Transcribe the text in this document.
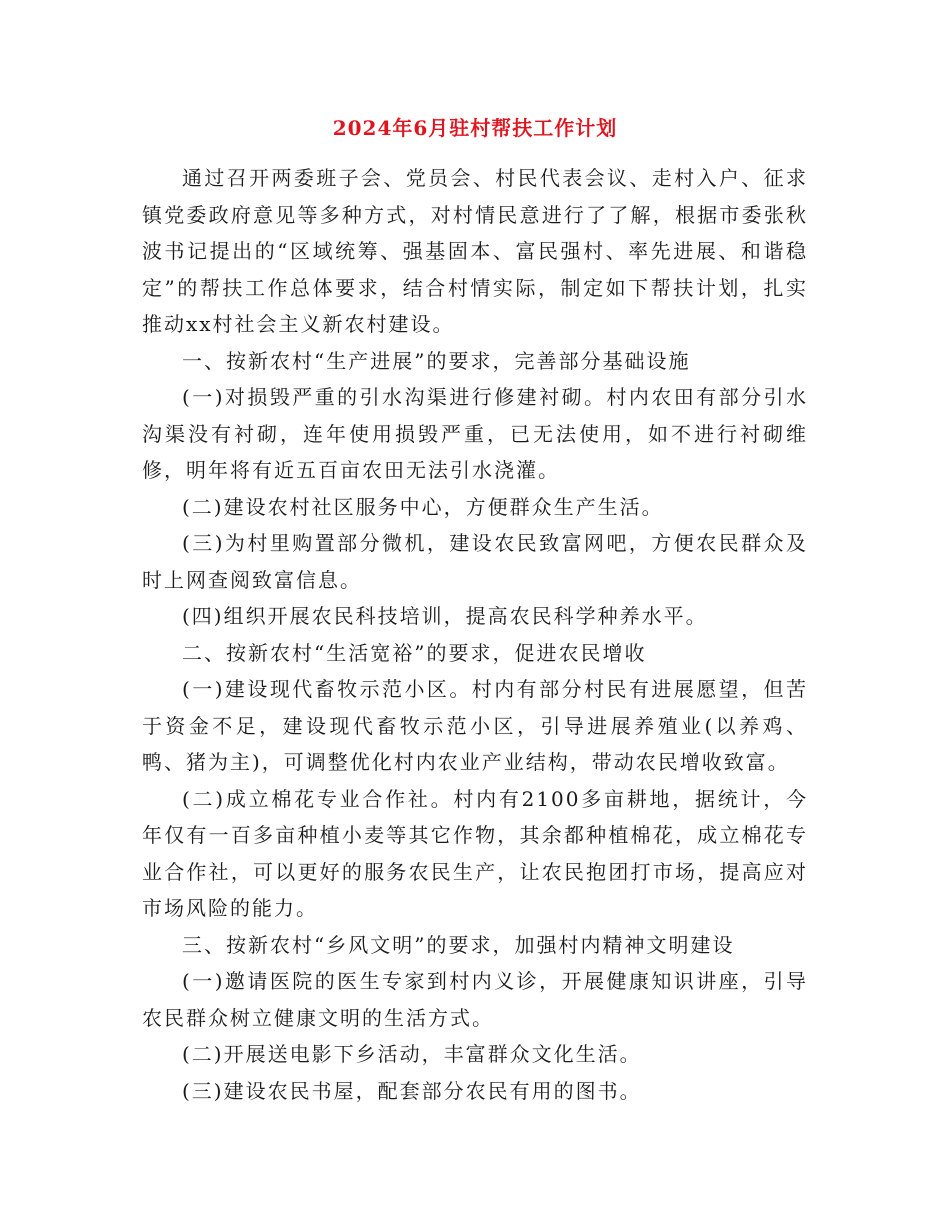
2024年6月驻村帮扶工作计划

通过召开两委班子会、党员会、村民代表会议、走村入户、征求镇党委政府意见等多种方式，对村情民意进行了了解，根据市委张秋波书记提出的“区域统筹、强基固本、富民强村、率先进展、和谐稳定”的帮扶工作总体要求，结合村情实际，制定如下帮扶计划，扎实推动xx村社会主义新农村建设。

一、按新农村“生产进展”的要求，完善部分基础设施

(一)对损毁严重的引水沟渠进行修建衬砌。村内农田有部分引水沟渠没有衬砌，连年使用损毁严重，已无法使用，如不进行衬砌维修，明年将有近五百亩农田无法引水浇灌。

(二)建设农村社区服务中心，方便群众生产生活。

(三)为村里购置部分微机，建设农民致富网吧，方便农民群众及时上网查阅致富信息。

(四)组织开展农民科技培训，提高农民科学种养水平。

二、按新农村“生活宽裕”的要求，促进农民增收

(一)建设现代畜牧示范小区。村内有部分村民有进展愿望，但苦于资金不足，建设现代畜牧示范小区，引导进展养殖业(以养鸡、鸭、猪为主)，可调整优化村内农业产业结构，带动农民增收致富。

(二)成立棉花专业合作社。村内有2100多亩耕地，据统计，今年仅有一百多亩种植小麦等其它作物，其余都种植棉花，成立棉花专业合作社，可以更好的服务农民生产，让农民抱团打市场，提高应对市场风险的能力。

三、按新农村“乡风文明”的要求，加强村内精神文明建设

(一)邀请医院的医生专家到村内义诊，开展健康知识讲座，引导农民群众树立健康文明的生活方式。

(二)开展送电影下乡活动，丰富群众文化生活。

(三)建设农民书屋，配套部分农民有用的图书。
